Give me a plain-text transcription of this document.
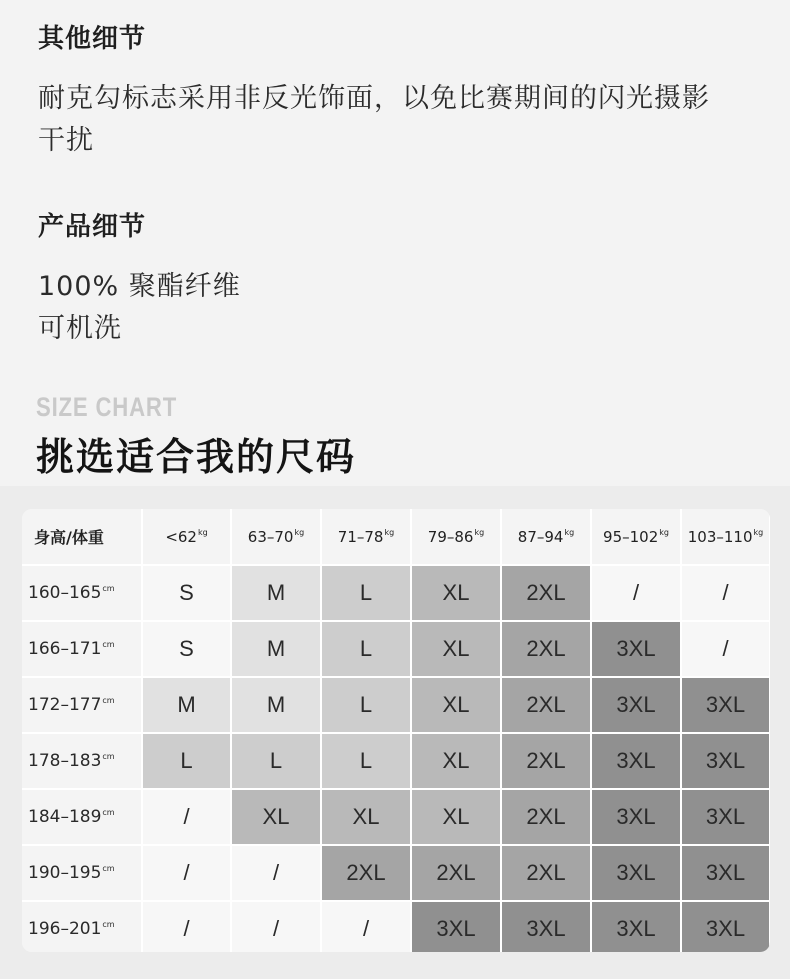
其他细节
耐克勾标志采用非反光饰面，以免比赛期间的闪光摄影
干扰
产品细节
100% 聚酯纤维
可机洗
SIZE CHART
挑选适合我的尺码
身高/体重	$<62^{kg}$	$63-70^{kg}$	$71-78^{kg}$	$79-86^{kg}$	$87-94^{kg}$	$95-102^{kg}$	$103-110^{kg}$
$160-165^{cm}$	S	M	L	XL	2XL	/	/
$166-171^{cm}$	S	M	L	XL	2XL	3XL	/
$172-177^{cm}$	M	M	L	XL	2XL	3XL	3XL
$178-183^{cm}$	L	L	L	XL	2XL	3XL	3XL
$184-189^{cm}$	/	XL	XL	XL	2XL	3XL	3XL
$190-195^{cm}$	/	/	2XL	2XL	2XL	3XL	3XL
$196-201^{cm}$	/	/	/	3XL	3XL	3XL	3XL
